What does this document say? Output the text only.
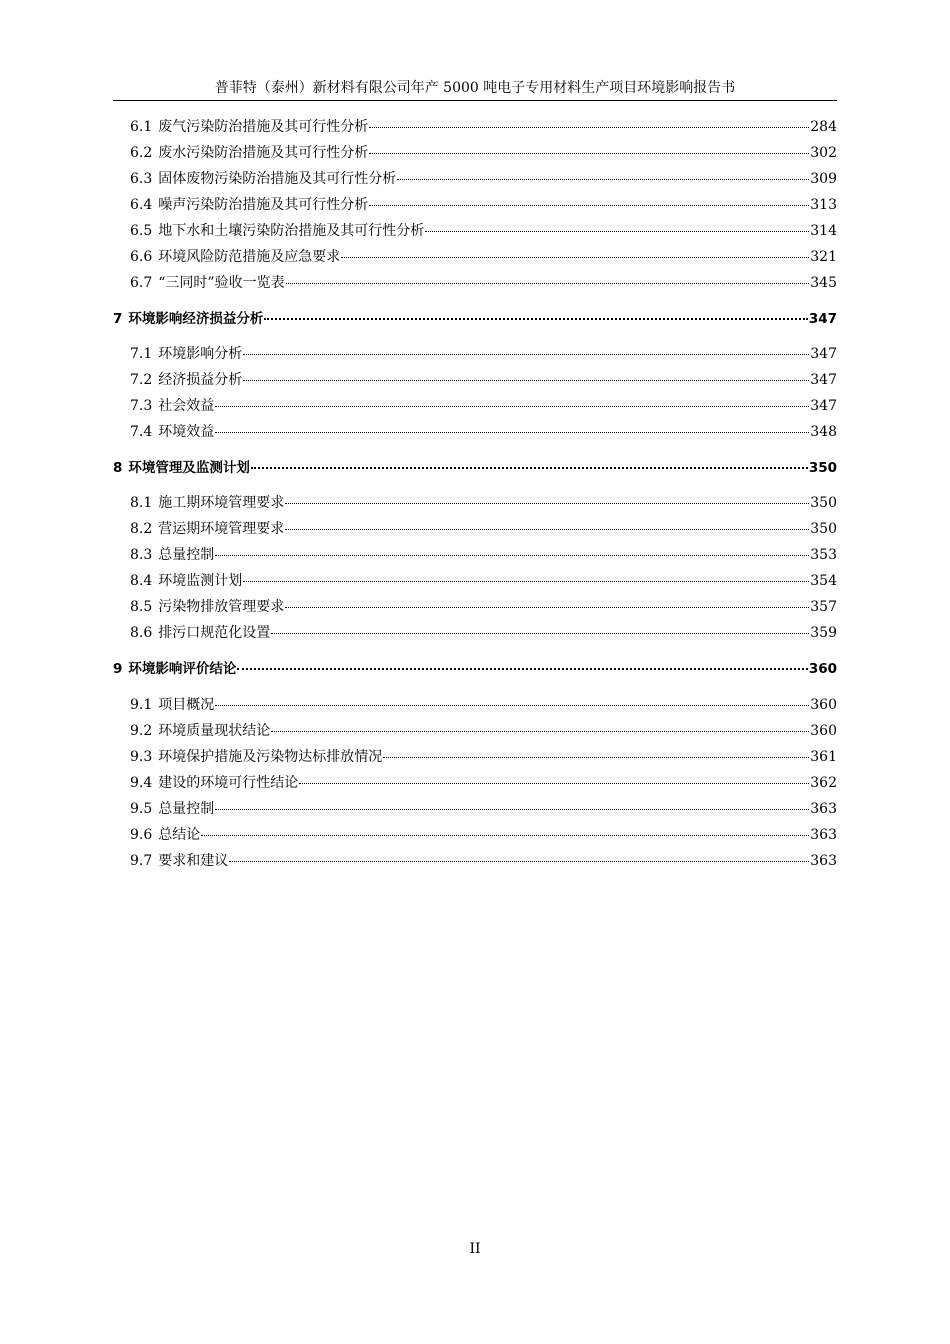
普菲特（泰州）新材料有限公司年产 5000 吨电子专用材料生产项目环境影响报告书
6.1 废气污染防治措施及其可行性分析	284
6.2 废水污染防治措施及其可行性分析	302
6.3 固体废物污染防治措施及其可行性分析	309
6.4 噪声污染防治措施及其可行性分析	313
6.5 地下水和土壤污染防治措施及其可行性分析	314
6.6 环境风险防范措施及应急要求	321
6.7 “三同时”验收一览表	345
7 环境影响经济损益分析	347
7.1 环境影响分析	347
7.2 经济损益分析	347
7.3 社会效益	347
7.4 环境效益	348
8 环境管理及监测计划	350
8.1 施工期环境管理要求	350
8.2 营运期环境管理要求	350
8.3 总量控制	353
8.4 环境监测计划	354
8.5 污染物排放管理要求	357
8.6 排污口规范化设置	359
9 环境影响评价结论	360
9.1 项目概况	360
9.2 环境质量现状结论	360
9.3 环境保护措施及污染物达标排放情况	361
9.4 建设的环境可行性结论	362
9.5 总量控制	363
9.6 总结论	363
9.7 要求和建议	363
II
